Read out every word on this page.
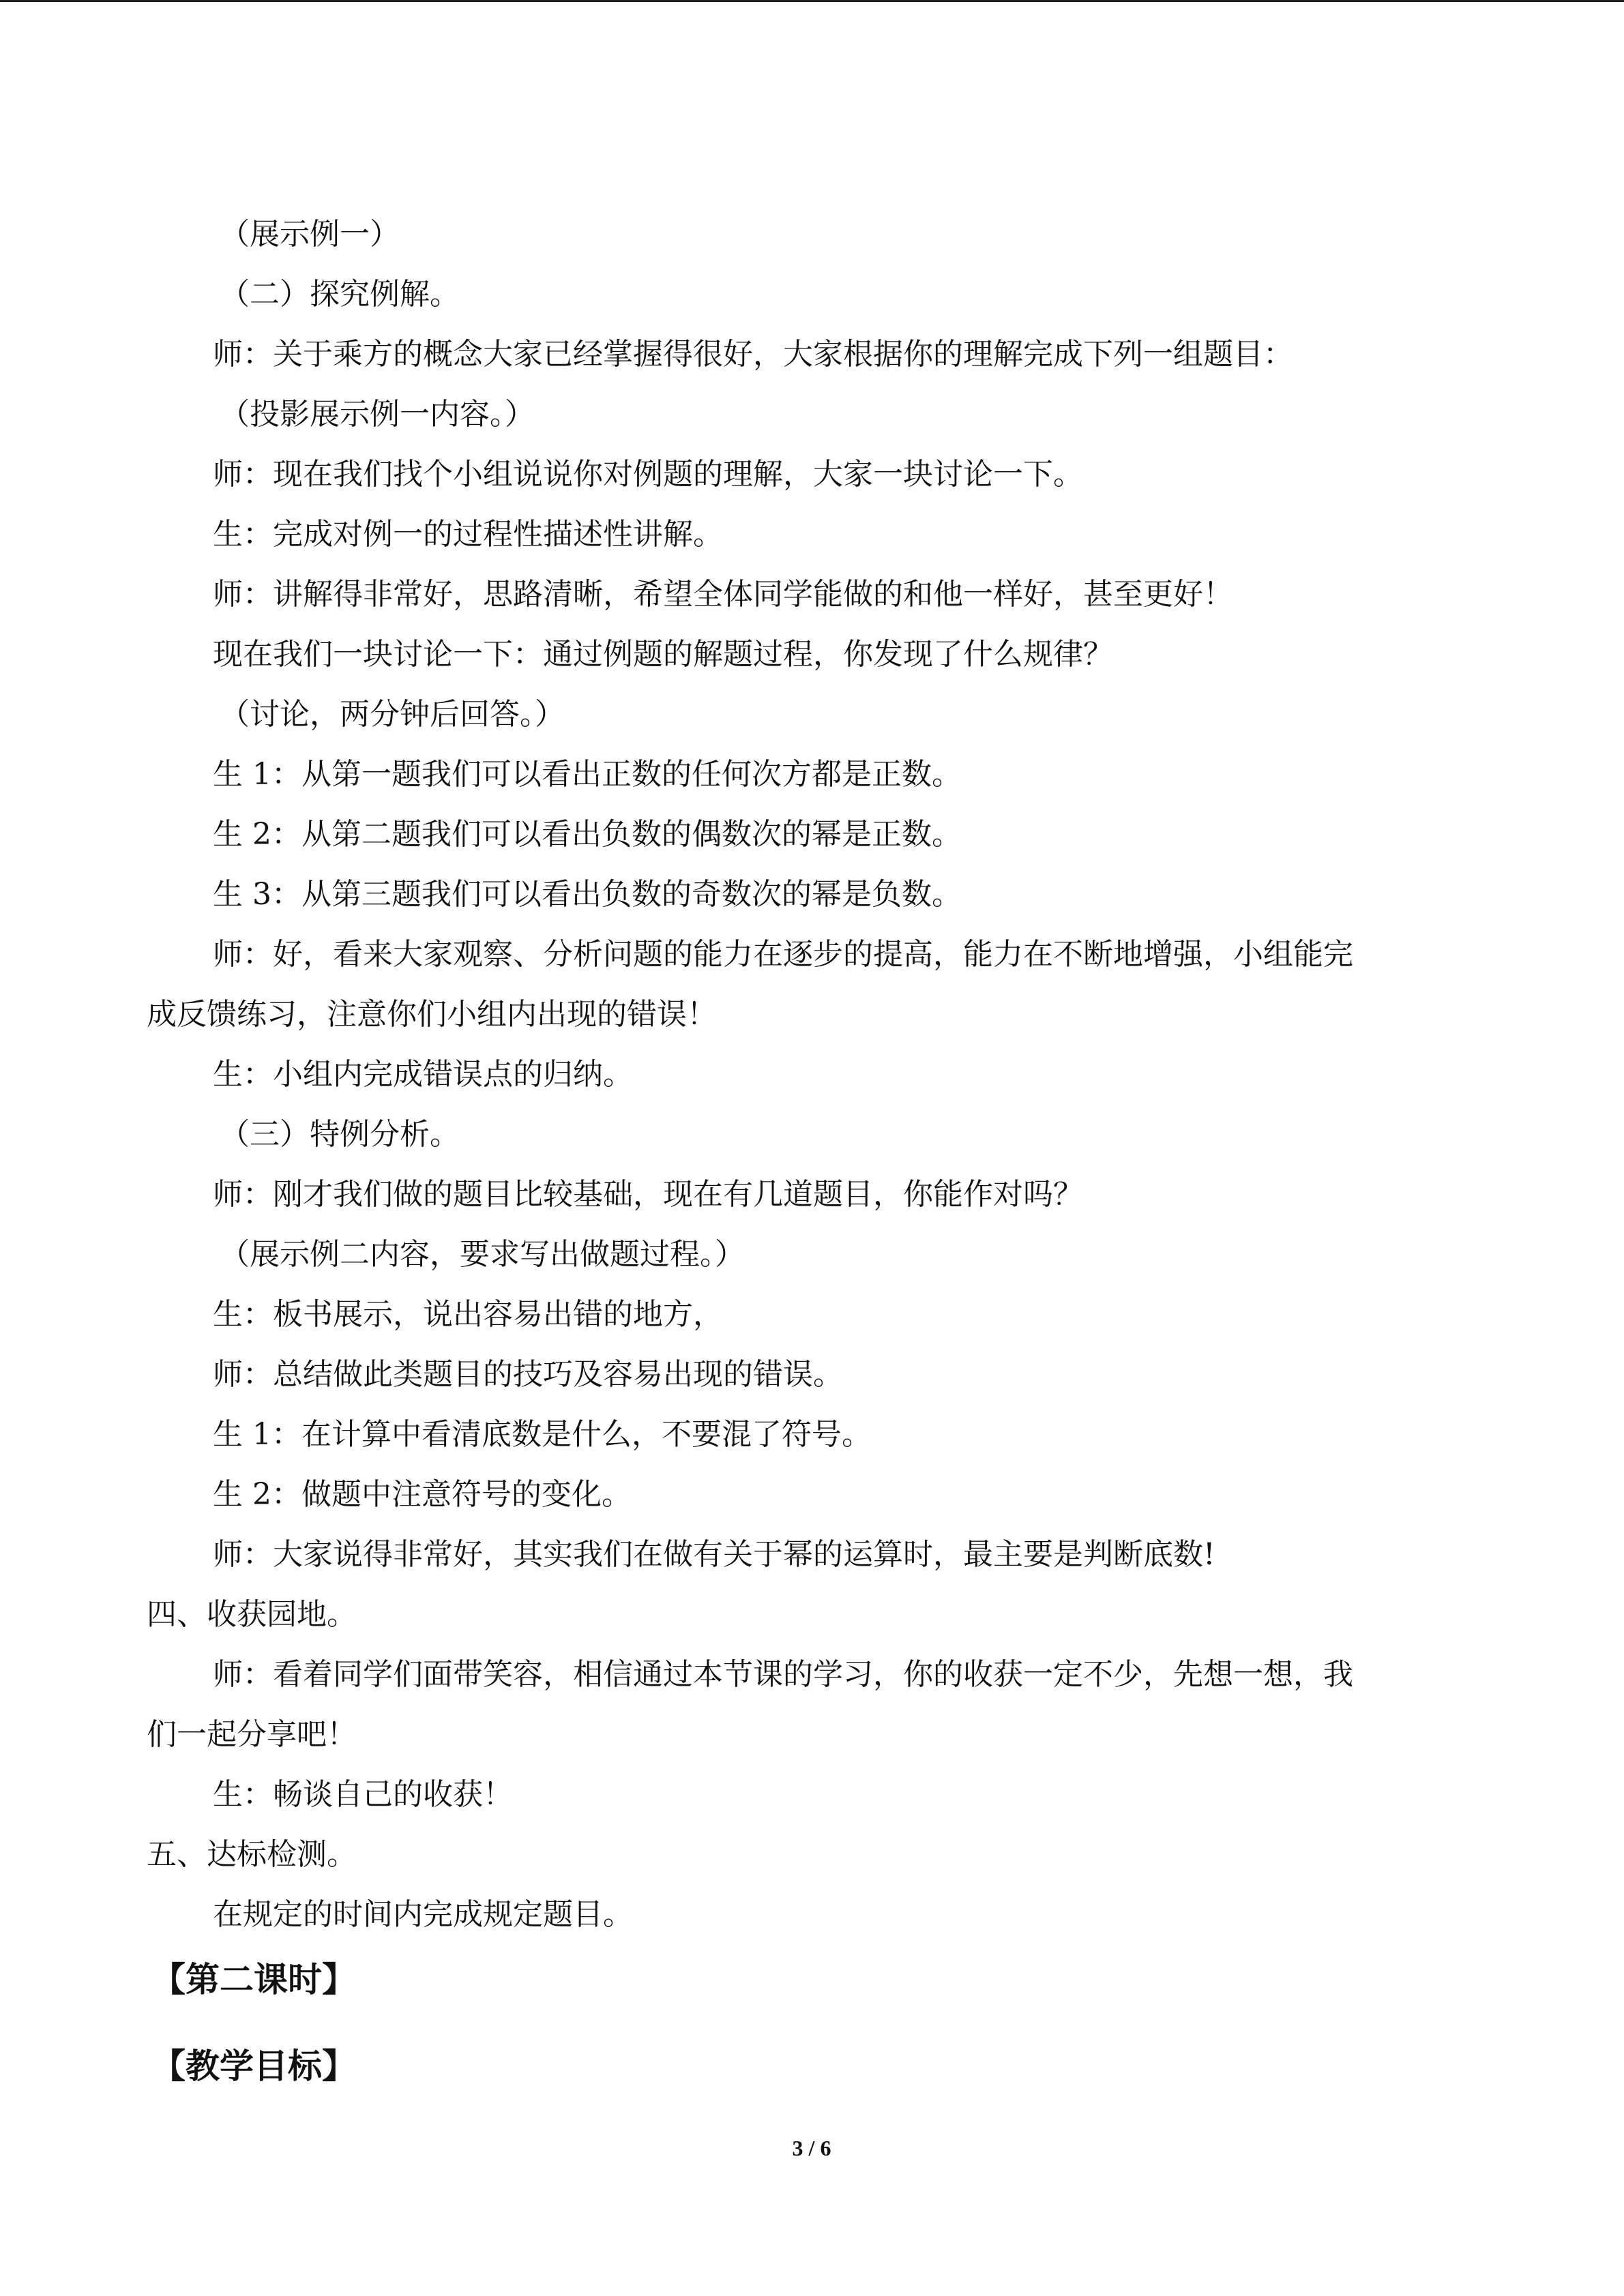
（展示例一）
（二）探究例解。
师：关于乘方的概念大家已经掌握得很好，大家根据你的理解完成下列一组题目：
（投影展示例一内容。）
师：现在我们找个小组说说你对例题的理解，大家一块讨论一下。
生：完成对例一的过程性描述性讲解。
师：讲解得非常好，思路清晰，希望全体同学能做的和他一样好，甚至更好！
现在我们一块讨论一下：通过例题的解题过程，你发现了什么规律？
（讨论，两分钟后回答。）
生 1：从第一题我们可以看出正数的任何次方都是正数。
生 2：从第二题我们可以看出负数的偶数次的幂是正数。
生 3：从第三题我们可以看出负数的奇数次的幂是负数。
师：好，看来大家观察、分析问题的能力在逐步的提高，能力在不断地增强，小组能完
成反馈练习，注意你们小组内出现的错误！
生：小组内完成错误点的归纳。
（三）特例分析。
师：刚才我们做的题目比较基础，现在有几道题目，你能作对吗？
（展示例二内容，要求写出做题过程。）
生：板书展示，说出容易出错的地方，
师：总结做此类题目的技巧及容易出现的错误。
生 1：在计算中看清底数是什么，不要混了符号。
生 2：做题中注意符号的变化。
师：大家说得非常好，其实我们在做有关于幂的运算时，最主要是判断底数!
四、收获园地。
师：看着同学们面带笑容，相信通过本节课的学习，你的收获一定不少，先想一想，我
们一起分享吧！
生：畅谈自己的收获！
五、达标检测。
在规定的时间内完成规定题目。
【第二课时】
【教学目标】
3 / 6
